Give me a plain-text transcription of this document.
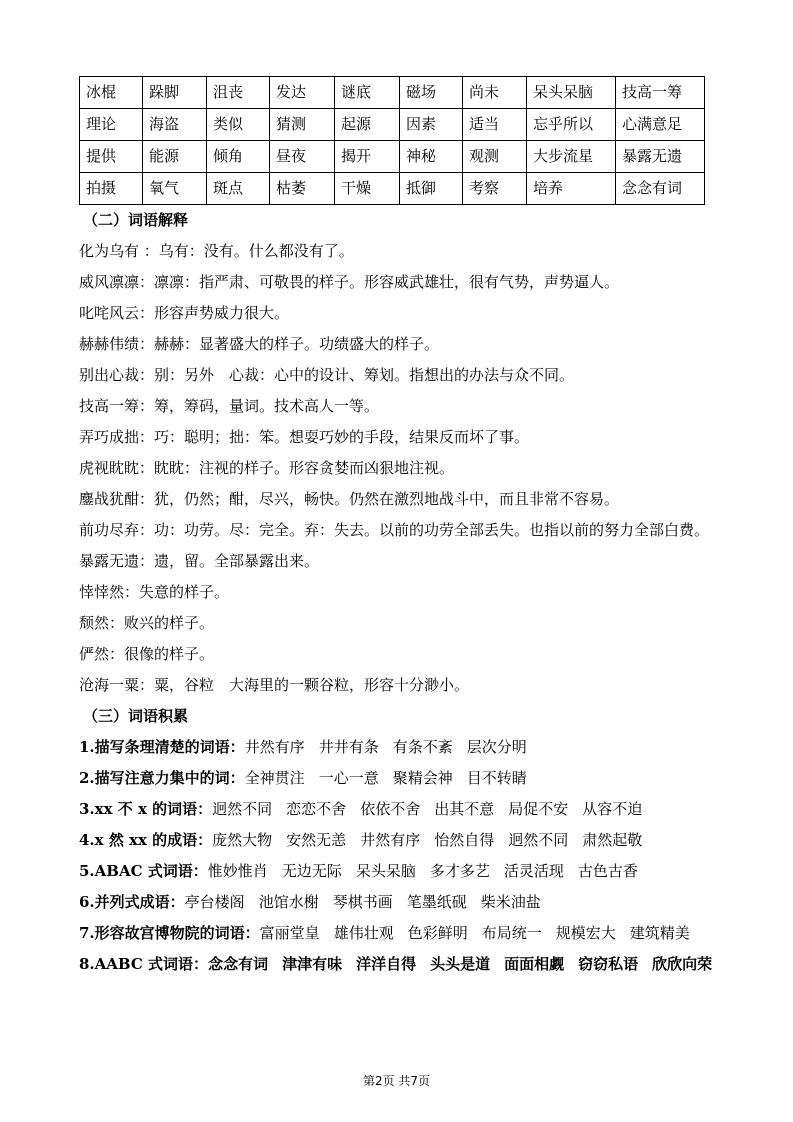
冰棍	跺脚	沮丧	发达	谜底	磁场	尚未	呆头呆脑	技高一筹
理论	海盗	类似	猜测	起源	因素	适当	忘乎所以	心满意足
提供	能源	倾角	昼夜	揭开	神秘	观测	大步流星	暴露无遗
拍摄	氧气	斑点	枯萎	干燥	抵御	考察	培养	念念有词
（二）词语解释
化为乌有 ：乌有：没有。什么都没有了。
威风凛凛：凛凛：指严肃、可敬畏的样子。形容威武雄壮，很有气势，声势逼人。
叱咤风云：形容声势威力很大。
赫赫伟绩：赫赫：显著盛大的样子。功绩盛大的样子。
别出心裁：别：另外　心裁：心中的设计、筹划。指想出的办法与众不同。
技高一筹：筹，筹码，量词。技术高人一等。
弄巧成拙：巧：聪明；拙：笨。想耍巧妙的手段，结果反而坏了事。
虎视眈眈：眈眈：注视的样子。形容贪婪而凶狠地注视。
鏖战犹酣：犹，仍然；酣，尽兴，畅快。仍然在激烈地战斗中，而且非常不容易。
前功尽弃：功：功劳。尽：完全。弃：失去。以前的功劳全部丢失。也指以前的努力全部白费。
暴露无遗：遗，留。全部暴露出来。
悻悻然：失意的样子。
颓然：败兴的样子。
俨然：很像的样子。
沧海一粟：粟，谷粒　大海里的一颗谷粒，形容十分渺小。
（三）词语积累
1.描写条理清楚的词语：井然有序 井井有条 有条不紊 层次分明
2.描写注意力集中的词：全神贯注 一心一意 聚精会神 目不转睛
3.xx 不 x 的词语：迥然不同 恋恋不舍 依依不舍 出其不意 局促不安 从容不迫
4.x 然 xx 的成语：庞然大物 安然无恙 井然有序 怡然自得 迥然不同 肃然起敬
5.ABAC 式词语：惟妙惟肖 无边无际 呆头呆脑 多才多艺 活灵活现 古色古香
6.并列式成语：亭台楼阁 池馆水榭 琴棋书画 笔墨纸砚 柴米油盐
7.形容故宫博物院的词语：富丽堂皇 雄伟壮观 色彩鲜明 布局统一 规模宏大 建筑精美
8.AABC 式词语：念念有词 津津有味 洋洋自得 头头是道 面面相觑 窃窃私语 欣欣向荣
第2页 共7页
